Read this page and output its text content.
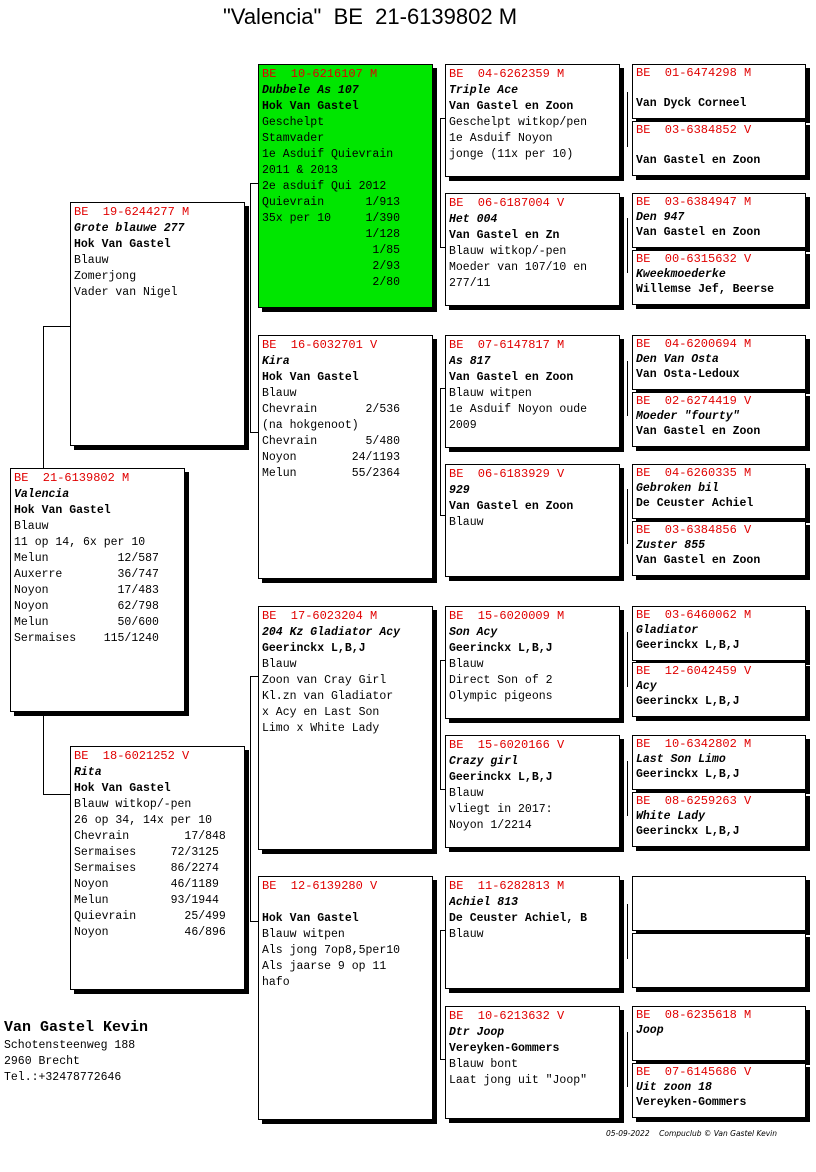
"Valencia"  BE  21-6139802 M
BE  21-6139802 M
Valencia
Hok Van Gastel
Blauw
11 op 14, 6x per 10
Melun          12/587
Auxerre        36/747
Noyon          17/483
Noyon          62/798
Melun          50/600
Sermaises    115/1240
BE  19-6244277 M
Grote blauwe 277
Hok Van Gastel
Blauw
Zomerjong
Vader van Nigel
BE  18-6021252 V
Rita
Hok Van Gastel
Blauw witkop/-pen
26 op 34, 14x per 10
Chevrain        17/848
Sermaises     72/3125
Sermaises     86/2274
Noyon         46/1189
Melun         93/1944
Quievrain       25/499
Noyon           46/896
BE  10-6216107 M
Dubbele As 107
Hok Van Gastel
Geschelpt
Stamvader
1e Asduif Quievrain
2011 & 2013
2e asduif Qui 2012
Quievrain      1/913
35x per 10     1/390
1/128
1/85
2/93
2/80
BE  16-6032701 V
Kira
Hok Van Gastel
Blauw
Chevrain       2/536
(na hokgenoot)
Chevrain       5/480
Noyon        24/1193
Melun        55/2364
BE  17-6023204 M
204 Kz Gladiator Acy
Geerinckx L,B,J
Blauw
Zoon van Cray Girl
Kl.zn van Gladiator
x Acy en Last Son
Limo x White Lady
BE  12-6139280 V
Hok Van Gastel
Blauw witpen
Als jong 7op8,5per10
Als jaarse 9 op 11
hafo
BE  04-6262359 M
Triple Ace
Van Gastel en Zoon
Geschelpt witkop/pen
1e Asduif Noyon
jonge (11x per 10)
BE  06-6187004 V
Het 004
Van Gastel en Zn
Blauw witkop/-pen
Moeder van 107/10 en
277/11
BE  07-6147817 M
As 817
Van Gastel en Zoon
Blauw witpen
1e Asduif Noyon oude
2009
BE  06-6183929 V
929
Van Gastel en Zoon
Blauw
BE  15-6020009 M
Son Acy
Geerinckx L,B,J
Blauw
Direct Son of 2
Olympic pigeons
BE  15-6020166 V
Crazy girl
Geerinckx L,B,J
Blauw
vliegt in 2017:
Noyon 1/2214
BE  11-6282813 M
Achiel 813
De Ceuster Achiel, B
Blauw
BE  10-6213632 V
Dtr Joop
Vereyken-Gommers
Blauw bont
Laat jong uit "Joop"
BE  01-6474298 M
Van Dyck Corneel
BE  03-6384852 V
Van Gastel en Zoon
BE  03-6384947 M
Den 947
Van Gastel en Zoon
BE  00-6315632 V
Kweekmoederke
Willemse Jef, Beerse
BE  04-6200694 M
Den Van Osta
Van Osta-Ledoux
BE  02-6274419 V
Moeder "fourty"
Van Gastel en Zoon
BE  04-6260335 M
Gebroken bil
De Ceuster Achiel
BE  03-6384856 V
Zuster 855
Van Gastel en Zoon
BE  03-6460062 M
Gladiator
Geerinckx L,B,J
BE  12-6042459 V
Acy
Geerinckx L,B,J
BE  10-6342802 M
Last Son Limo
Geerinckx L,B,J
BE  08-6259263 V
White Lady
Geerinckx L,B,J
BE  08-6235618 M
Joop
BE  07-6145686 V
Uit zoon 18
Vereyken-Gommers
Van Gastel Kevin
Schotensteenweg 188
2960 Brecht
Tel.:+32478772646
05-09-2022    Compuclub © Van Gastel Kevin
